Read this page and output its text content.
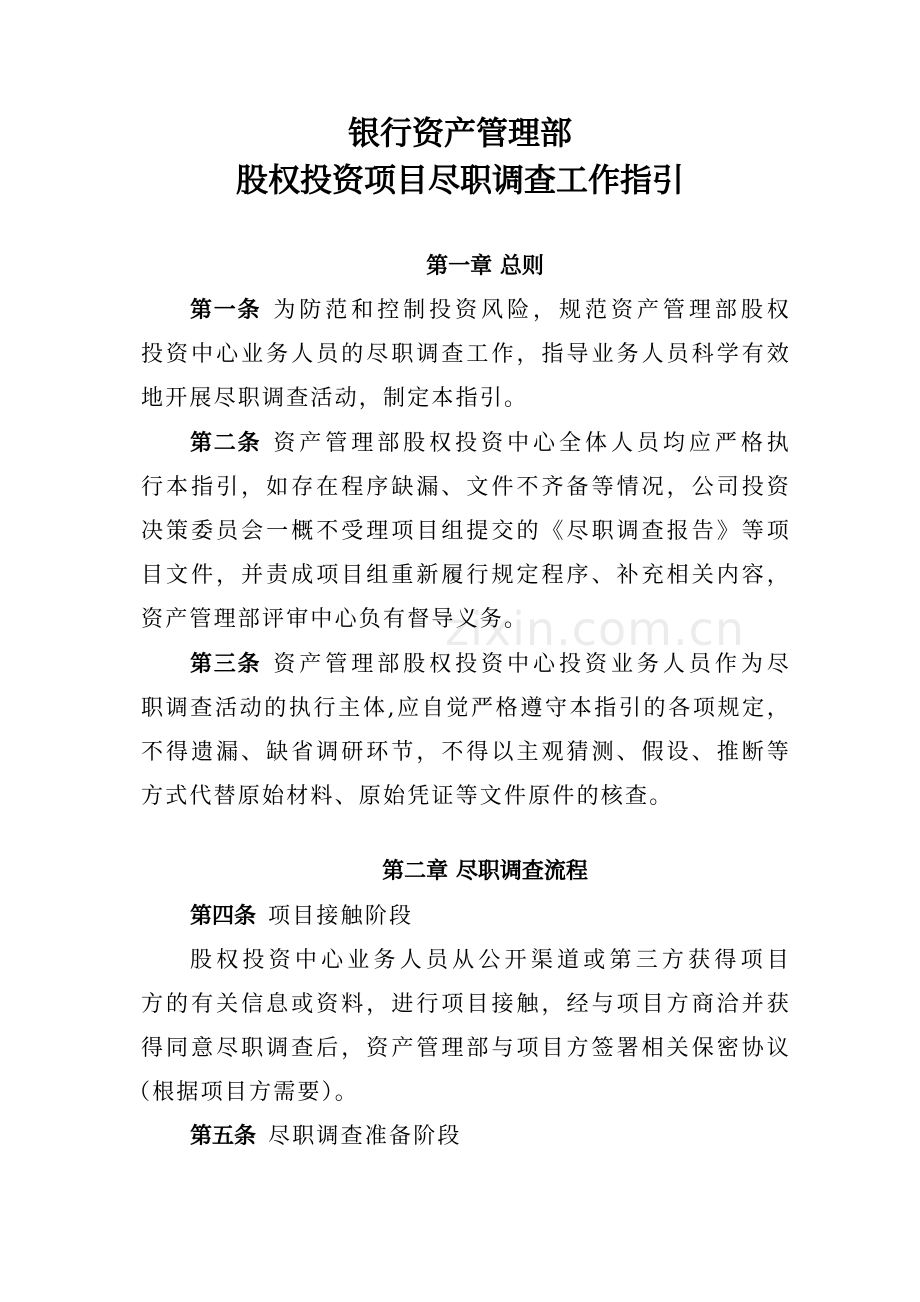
银行资产管理部
股权投资项目尽职调查工作指引
第一章 总则
第一条 为防范和控制投资风险，规范资产管理部股权
投资中心业务人员的尽职调查工作，指导业务人员科学有效
地开展尽职调查活动，制定本指引。
第二条 资产管理部股权投资中心全体人员均应严格执
行本指引，如存在程序缺漏、文件不齐备等情况，公司投资
决策委员会一概不受理项目组提交的《尽职调查报告》等项
目文件，并责成项目组重新履行规定程序、补充相关内容，
资产管理部评审中心负有督导义务。
第三条 资产管理部股权投资中心投资业务人员作为尽
职调查活动的执行主体,应自觉严格遵守本指引的各项规定，
不得遗漏、缺省调研环节，不得以主观猜测、假设、推断等
方式代替原始材料、原始凭证等文件原件的核查。
第二章 尽职调查流程
第四条 项目接触阶段
股权投资中心业务人员从公开渠道或第三方获得项目
方的有关信息或资料，进行项目接触，经与项目方商洽并获
得同意尽职调查后，资产管理部与项目方签署相关保密协议
（根据项目方需要）。
第五条 尽职调查准备阶段
zixin.com.cn
